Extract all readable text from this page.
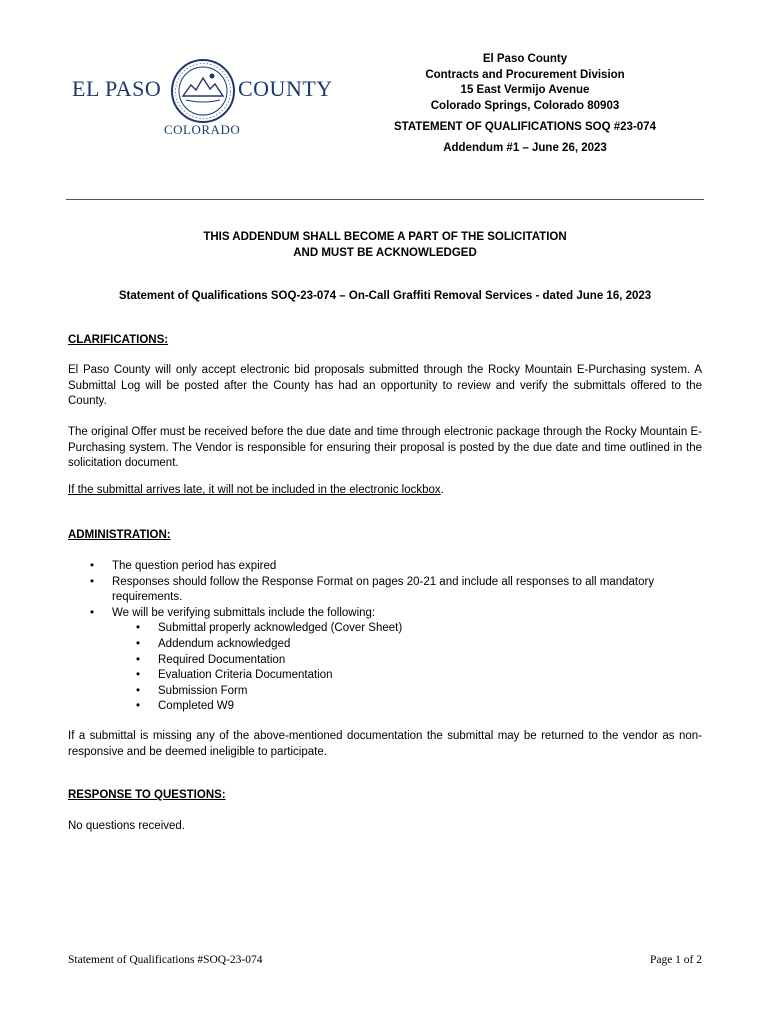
EL PASO	COUNTY
COLORADO
El Paso County
Contracts and Procurement Division
15 East Vermijo Avenue
Colorado Springs, Colorado 80903
STATEMENT OF QUALIFICATIONS SOQ #23-074
Addendum #1 – June 26, 2023
THIS ADDENDUM SHALL BECOME A PART OF THE SOLICITATION
AND MUST BE ACKNOWLEDGED
Statement of Qualifications SOQ-23-074 – On-Call Graffiti Removal Services - dated June 16, 2023
CLARIFICATIONS:

El Paso County will only accept electronic bid proposals submitted through the Rocky Mountain E-Purchasing system. A Submittal Log will be posted after the County has had an opportunity to review and verify the submittals offered to the County.

The original Offer must be received before the due date and time through electronic package through the Rocky Mountain E-Purchasing system. The Vendor is responsible for ensuring their proposal is posted by the due date and time outlined in the solicitation document.

If the submittal arrives late, it will not be included in the electronic lockbox.

ADMINISTRATION:
• The question period has expired
• Responses should follow the Response Format on pages 20-21 and include all responses to all mandatory requirements.
• We will be verifying submittals include the following:
• Submittal properly acknowledged (Cover Sheet)
• Addendum acknowledged
• Required Documentation
• Evaluation Criteria Documentation
• Submission Form
• Completed W9

If a submittal is missing any of the above-mentioned documentation the submittal may be returned to the vendor as non-responsive and be deemed ineligible to participate.

RESPONSE TO QUESTIONS:

No questions received.

Statement of Qualifications #SOQ-23-074	Page 1 of 2
